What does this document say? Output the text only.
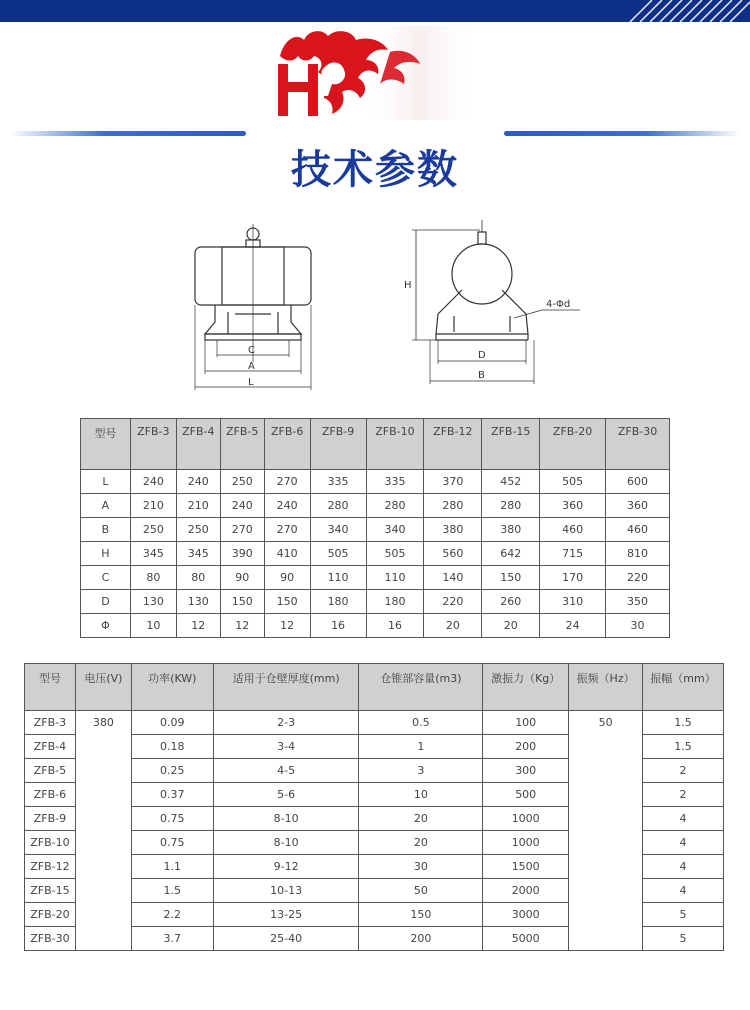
技术参数
C
A
L
H
D
B
4-Φd
型号	ZFB-3	ZFB-4	ZFB-5	ZFB-6	ZFB-9	ZFB-10	ZFB-12	ZFB-15	ZFB-20	ZFB-30
L	240	240	250	270	335	335	370	452	505	600
A	210	210	240	240	280	280	280	280	360	360
B	250	250	270	270	340	340	380	380	460	460
H	345	345	390	410	505	505	560	642	715	810
C	80	80	90	90	110	110	140	150	170	220
D	130	130	150	150	180	180	220	260	310	350
Φ	10	12	12	12	16	16	20	20	24	30
型号	电压(V)	功率(KW)	适用于仓壁厚度(mm)	仓锥部容量(m3)	激振力（Kg）	振频（Hz）	振幅（mm）
ZFB-3	380	0.09	2-3	0.5	100	50	1.5
ZFB-4		0.18	3-4	1	200		1.5
ZFB-5		0.25	4-5	3	300		2
ZFB-6		0.37	5-6	10	500		2
ZFB-9		0.75	8-10	20	1000		4
ZFB-10		0.75	8-10	20	1000		4
ZFB-12		1.1	9-12	30	1500		4
ZFB-15		1.5	10-13	50	2000		4
ZFB-20		2.2	13-25	150	3000		5
ZFB-30		3.7	25-40	200	5000		5
